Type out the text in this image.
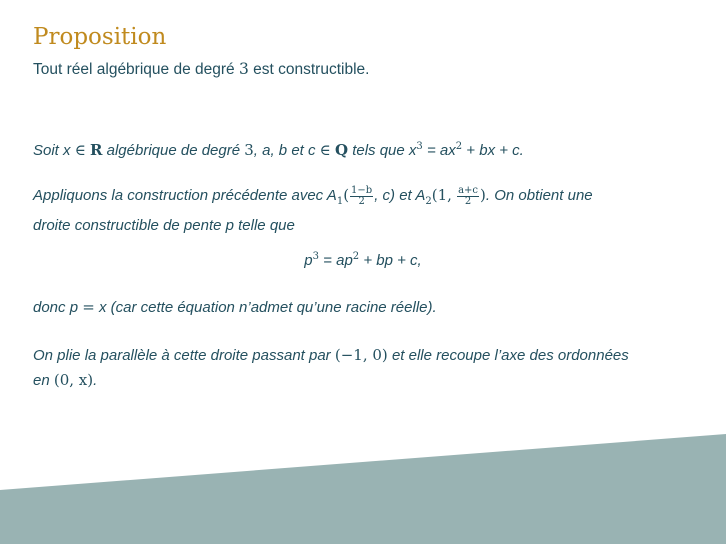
Proposition
Tout réel algébrique de degré 3 est constructible.
Soit x ∈ R algébrique de degré 3, a, b et c ∈ Q tels que $x^3 = ax^2$ + bx + c.
Appliquons la construction précédente avec $A_1( \frac{1-b}{2}$ , c) et $A_2(1$, $\frac{a+c}{2}$ ). On obtient une
droite constructible de pente p telle que
$p^3 = ap^2$ + bp + c,
donc p = x (car cette équation n’admet qu’une racine réelle).
On plie la parallèle à cette droite passant par (−1, 0) et elle recoupe l’axe des ordonnées
en (0, x).
